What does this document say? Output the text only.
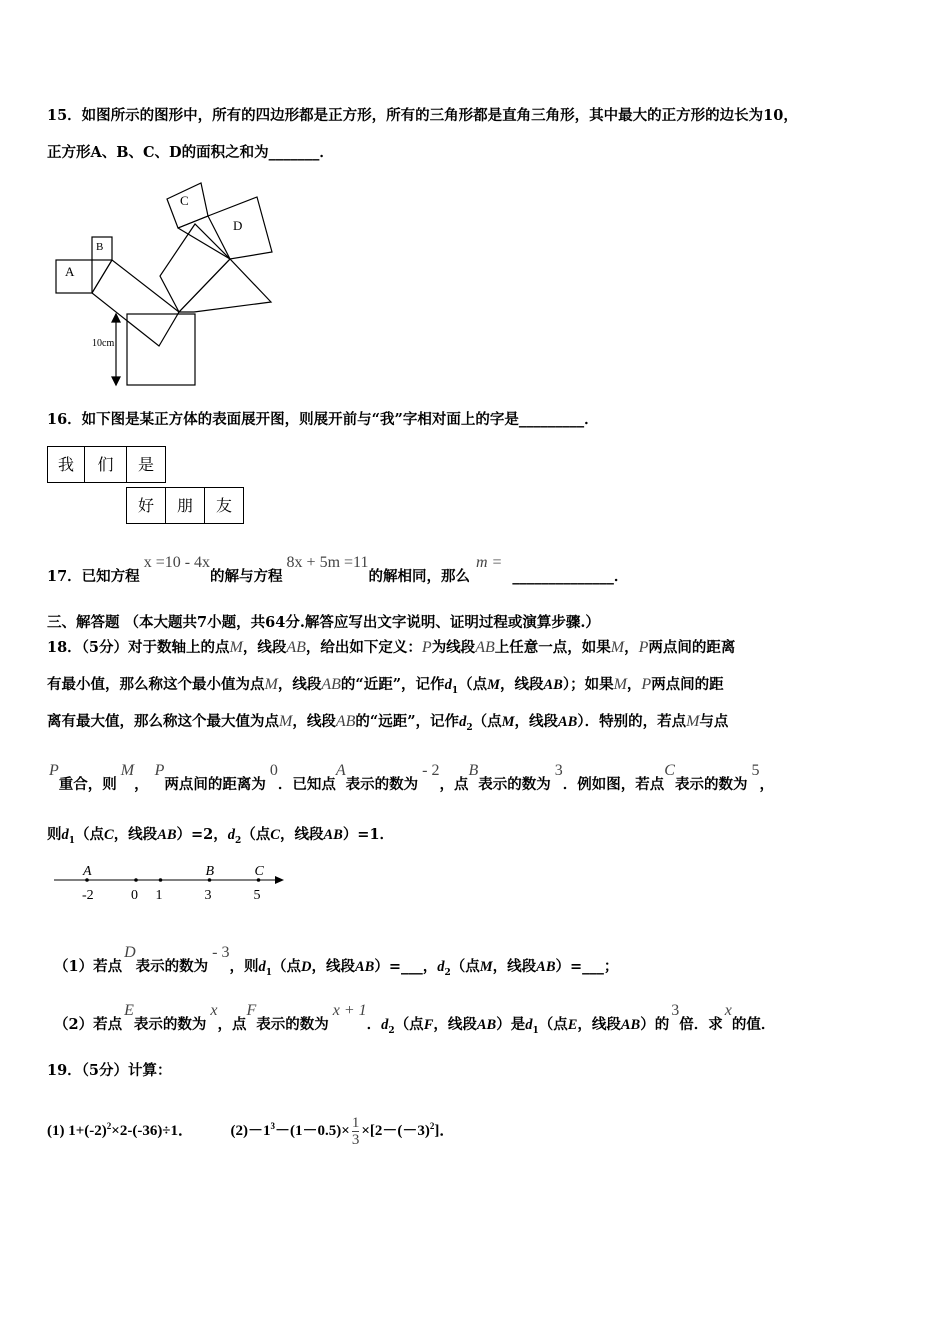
15．如图所示的图形中，所有的四边形都是正方形，所有的三角形都是直角三角形，其中最大的正方形的边长为10，
正方形A、B、C、D的面积之和为_______．
A
B
C
D
10cm
16．如下图是某正方体的表面展开图，则展开前与“我”字相对面上的字是_________．
我	们	是
好	朋	友
17．已知方程x =10 - 4x的解与方程8x + 5m =11的解相同，那么m =______________．
三、解答题 （本大题共7小题，共64分.解答应写出文字说明、证明过程或演算步骤.）
18．（5分）对于数轴上的点M，线段AB，给出如下定义：P为线段AB上任意一点，如果M，P两点间的距离
有最小值，那么称这个最小值为点M，线段AB的“近距”，记作$d_1$（点M，线段AB）；如果M，P两点间的距
离有最大值，那么称这个最大值为点M，线段AB的“远距”，记作$d_2$（点M，线段AB）．特别的，若点M与点
P重合，则M，P两点间的距离为0．已知点A表示的数为- 2，点B表示的数为3．例如图，若点C表示的数为5，
则$d_1$（点C，线段AB）=2，$d_2$（点C，线段AB）=1．
-2
A
0 1	3
B
5
C
（1）若点D表示的数为- 3，则$d_1$（点D，线段AB）=___，$d_2$（点M，线段AB）=___；
（2）若点E表示的数为x，点F表示的数为x + 1．$d_2$（点F，线段AB）是$d_1$（点E，线段AB）的3倍．求x的值．
19．（5分）计算：
(1) $1+(-2)^2\times 2-(-36)\div 1$．	$(2)-1^3-(1-0.5)\times \frac{1}{3} \times[2-(-3)^2]$．
